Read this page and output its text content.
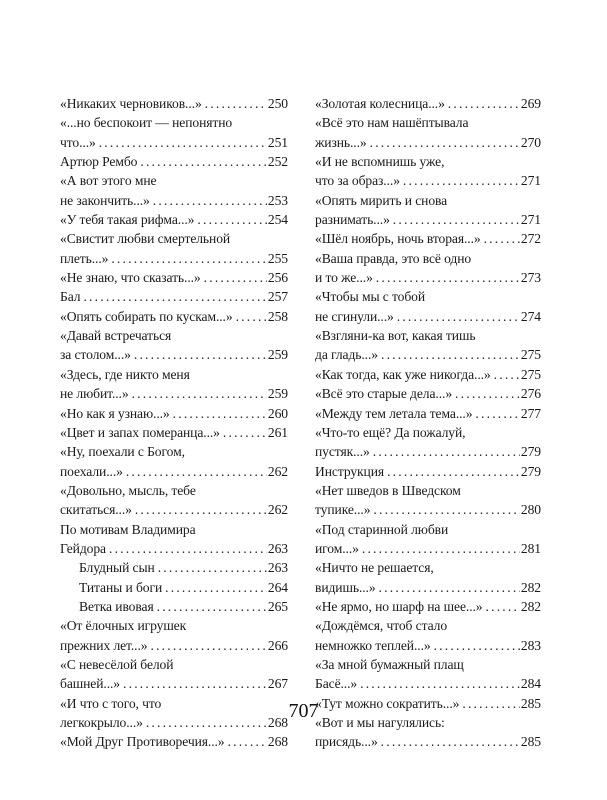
«Никаких черновиков...» . . .	250
«...но беспокоит — непонятно
что...» . . .	251
Артюр Рембо . . .	252
«А вот этого мне
не закончить...» . . .	253
«У тебя такая рифма...» . . .	254
«Свистит любви смертельной
плеть...» . . .	255
«Не знаю, что сказать...» . . .	256
Бал . . .	257
«Опять собирать по кускам...» . . .	258
«Давай встречаться
за столом...» . . .	259
«Здесь, где никто меня
не любит...» . . .	259
«Но как я узнаю...» . . .	260
«Цвет и запах померанца...» . . .	261
«Ну, поехали с Богом,
поехали...» . . .	262
«Довольно, мысль, тебе
скитаться...» . . .	262
По мотивам Владимира
Гейдора . . .	263
Блудный сын . . .	263
Титаны и боги . . .	264
Ветка ивовая . . .	265
«От ёлочных игрушек
прежних лет...» . . .	266
«С невесёлой белой
башней...» . . .	267
«И что с того, что
легкокрыло...» . . .	268
«Мой Друг Противоречия...» . . .	268
«Золотая колесница...» . . .	269
«Всё это нам нашёптывала
жизнь...» . . .	270
«И не вспомнишь уже,
что за образ...» . . .	271
«Опять мирить и снова
разнимать...» . . .	271
«Шёл ноябрь, ночь вторая...» . . .	272
«Ваша правда, это всё одно
и то же...» . . .	273
«Чтобы мы с тобой
не сгинули...» . . .	274
«Взгляни-ка вот, какая тишь
да гладь...» . . .	275
«Как тогда, как уже никогда...» . . . 275
«Всё это старые дела...» . . .	276
«Между тем летала тема...» . . .	277
«Что-то ещё? Да пожалуй,
пустяк...» . . .	279
Инструкция . . .	279
«Нет шведов в Шведском
тупике...» . . .	280
«Под старинной любви
игом...» . . .	281
«Ничто не решается,
видишь...» . . .	282
«Не ярмо, но шарф на шее...» . . .	282
«Дождёмся, чтоб стало
немножко теплей...» . . .	283
«За мной бумажный плащ
Басё...» . . .	284
«Тут можно сократить...» . . .	285
«Вот и мы нагулялись:
присядь...» . . .	285
707
